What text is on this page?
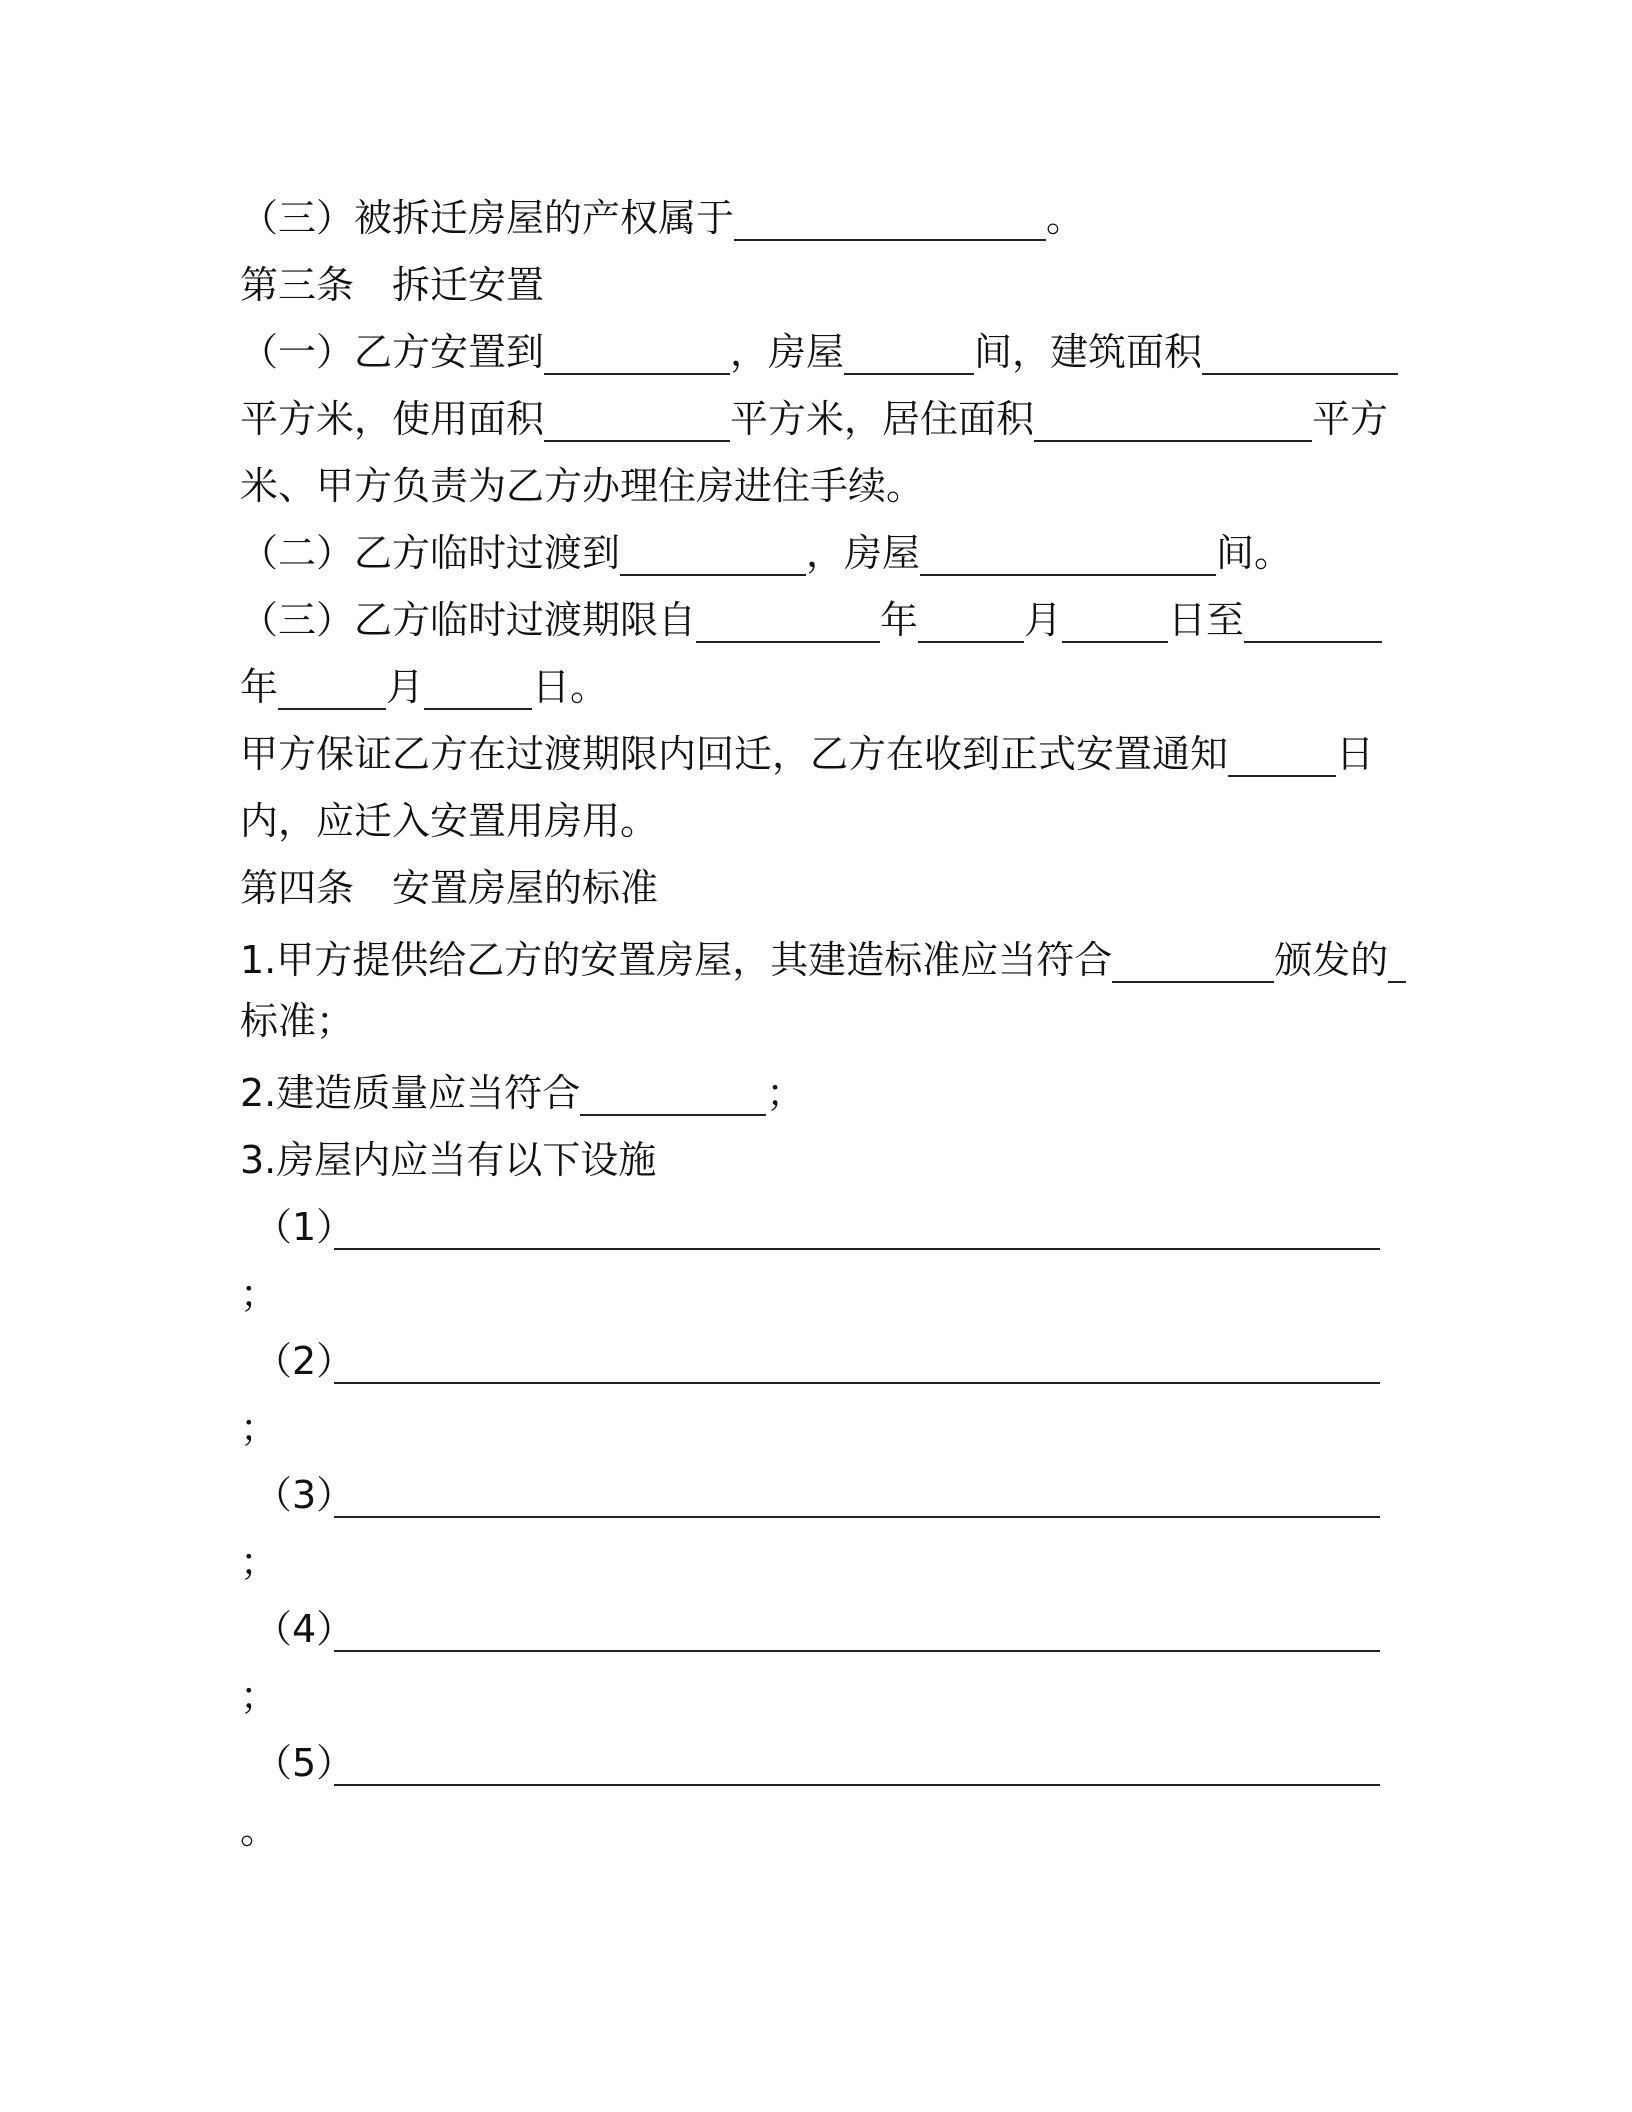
（三）被拆迁房屋的产权属于	。
第三条 拆迁安置
（一）乙方安置到	，房屋	间，建筑面积
平方米，使用面积	平方米，居住面积	平方
米、甲方负责为乙方办理住房进住手续。
（二）乙方临时过渡到	，房屋	间。
（三）乙方临时过渡期限自	年	月	日至
年	月	日。
甲方保证乙方在过渡期限内回迁，乙方在收到正式安置通知	日
内，应迁入安置用房用。
第四条 安置房屋的标准
1.甲方提供给乙方的安置房屋，其建造标准应当符合	颁发的
标准；
2.建造质量应当符合	；
3.房屋内应当有以下设施
（1）
；
（2）
；
（3）
；
（4）
；
（5）
。
